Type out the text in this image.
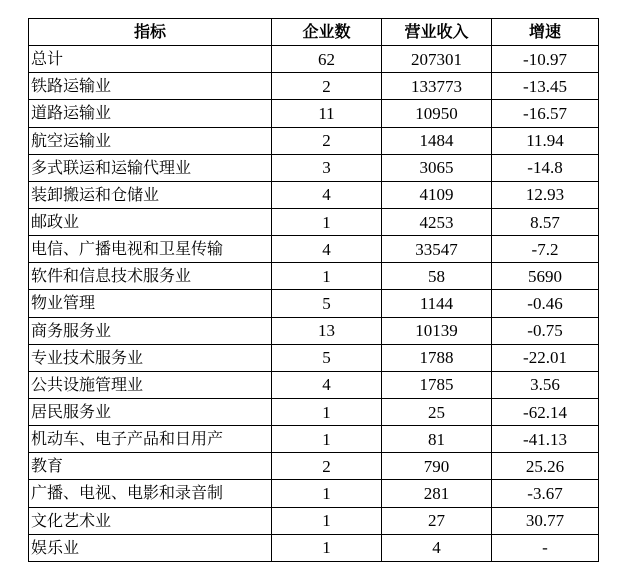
指标	企业数	营业收入	增速
总计	62	207301	-10.97
铁路运输业	2	133773	-13.45
道路运输业	11	10950	-16.57
航空运输业	2	1484	11.94
多式联运和运输代理业	3	3065	-14.8
装卸搬运和仓储业	4	4109	12.93
邮政业	1	4253	8.57
电信、广播电视和卫星传输	4	33547	-7.2
软件和信息技术服务业	1	58	5690
物业管理	5	1144	-0.46
商务服务业	13	10139	-0.75
专业技术服务业	5	1788	-22.01
公共设施管理业	4	1785	3.56
居民服务业	1	25	-62.14
机动车、电子产品和日用产	1	81	-41.13
教育	2	790	25.26
广播、电视、电影和录音制	1	281	-3.67
文化艺术业	1	27	30.77
娱乐业	1	4	-
